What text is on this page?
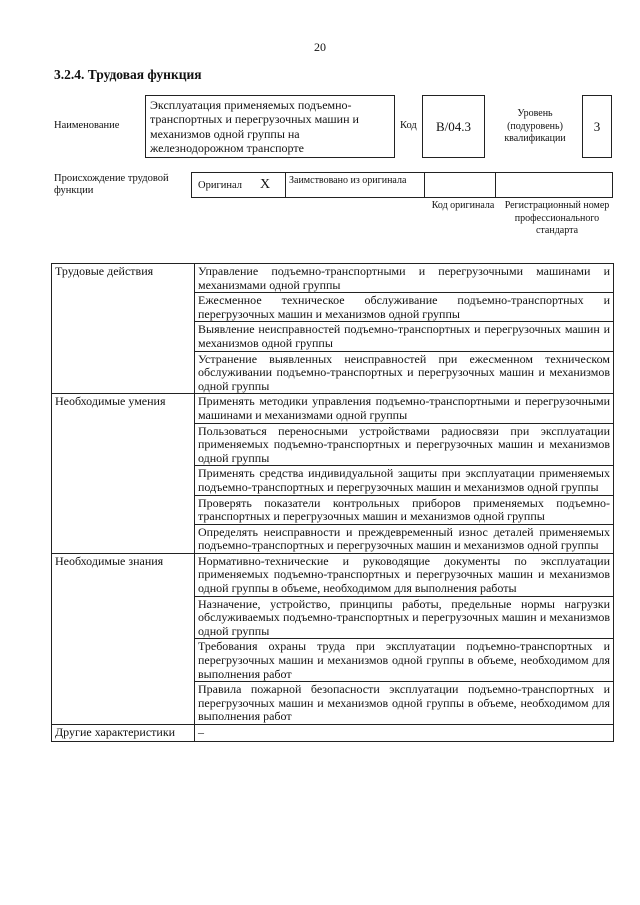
20
3.2.4. Трудовая функция
Наименование
Эксплуатация применяемых подъемно-транспортных и перегрузочных машин и механизмов одной группы на железнодорожном транспорте
Код В/04.3
Уровень (подуровень) квалификации
3
Происхождение трудовой функции	Оригинал X	Заимствовано из оригинала
Код оригинала	Регистрационный номер профессионального стандарта
Трудовые действия	Управление подъемно-транспортными и перегрузочными машинами и механизмами одной группы
	Ежесменное техническое обслуживание подъемно-транспортных и перегрузочных машин и механизмов одной группы
	Выявление неисправностей подъемно-транспортных и перегрузочных машин и механизмов одной группы
	Устранение выявленных неисправностей при ежесменном техническом обслуживании подъемно-транспортных и перегрузочных машин и механизмов одной группы
Необходимые умения	Применять методики управления подъемно-транспортными и перегрузочными машинами и механизмами одной группы
	Пользоваться переносными устройствами радиосвязи при эксплуатации применяемых подъемно-транспортных и перегрузочных машин и механизмов одной группы
	Применять средства индивидуальной защиты при эксплуатации применяемых подъемно-транспортных и перегрузочных машин и механизмов одной группы
	Проверять показатели контрольных приборов применяемых подъемно-транспортных и перегрузочных машин и механизмов одной группы
	Определять неисправности и преждевременный износ деталей применяемых подъемно-транспортных и перегрузочных машин и механизмов одной группы
Необходимые знания	Нормативно-технические и руководящие документы по эксплуатации применяемых подъемно-транспортных и перегрузочных машин и механизмов одной группы в объеме, необходимом для выполнения работы
	Назначение, устройство, принципы работы, предельные нормы нагрузки обслуживаемых подъемно-транспортных и перегрузочных машин и механизмов одной группы
	Требования охраны труда при эксплуатации подъемно-транспортных и перегрузочных машин и механизмов одной группы в объеме, необходимом для выполнения работ
	Правила пожарной безопасности эксплуатации подъемно-транспортных и перегрузочных машин и механизмов одной группы в объеме, необходимом для выполнения работ
Другие характеристики	–
